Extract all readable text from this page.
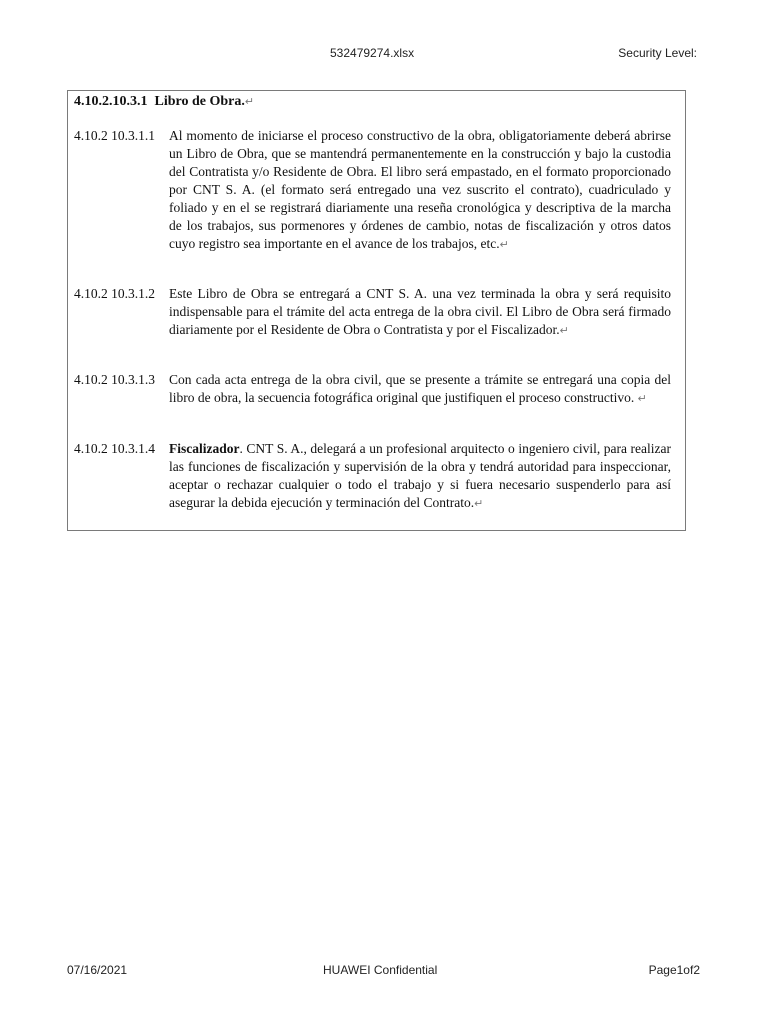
532479274.xlsx	Security Level:
4.10.2.10.3.1 Libro de Obra.↵
4.10.2 10.3.1.1	Al momento de iniciarse el proceso constructivo de la obra, obligatoriamente deberá abrirse un Libro de Obra, que se mantendrá permanentemente en la construcción y bajo la custodia del Contratista y/o Residente de Obra. El libro será empastado, en el formato proporcionado por CNT S. A. (el formato será entregado una vez suscrito el contrato), cuadriculado y foliado y en el se registrará diariamente una reseña cronológica y descriptiva de la marcha de los trabajos, sus pormenores y órdenes de cambio, notas de fiscalización y otros datos cuyo registro sea importante en el avance de los trabajos, etc.↵
4.10.2 10.3.1.2	Este Libro de Obra se entregará a CNT S. A. una vez terminada la obra y será requisito indispensable para el trámite del acta entrega de la obra civil. El Libro de Obra será firmado diariamente por el Residente de Obra o Contratista y por el Fiscalizador.↵
4.10.2 10.3.1.3	Con cada acta entrega de la obra civil, que se presente a trámite se entregará una copia del libro de obra, la secuencia fotográfica original que justifiquen el proceso constructivo. ↵
4.10.2 10.3.1.4	Fiscalizador. CNT S. A., delegará a un profesional arquitecto o ingeniero civil, para realizar las funciones de fiscalización y supervisión de la obra y tendrá autoridad para inspeccionar, aceptar o rechazar cualquier o todo el trabajo y si fuera necesario suspenderlo para así asegurar la debida ejecución y terminación del Contrato.↵
07/16/2021	HUAWEI Confidential	Page1of2
